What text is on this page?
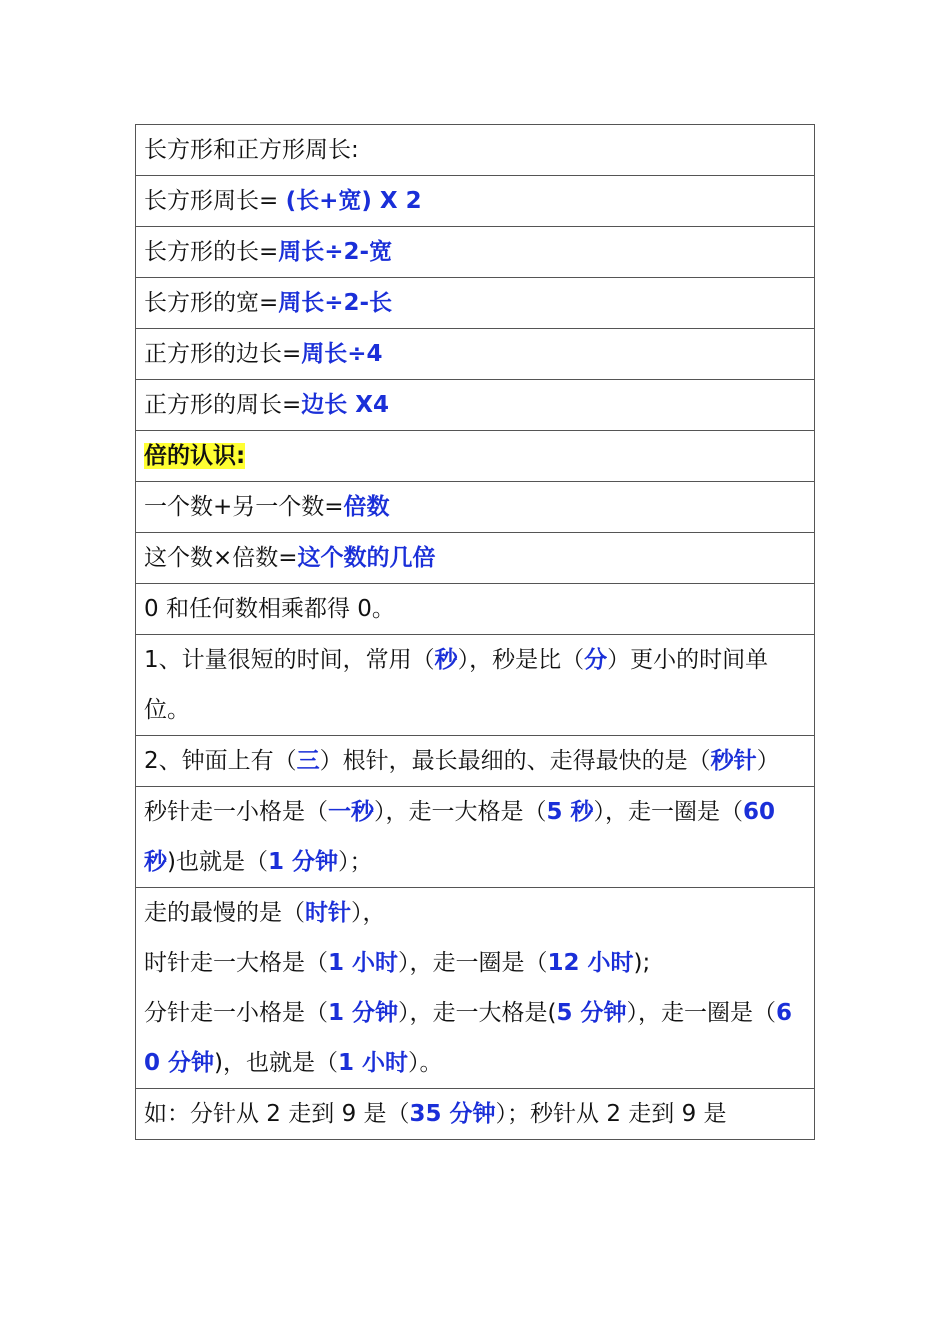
长方形和正方形周长:
长方形周长= (长+宽) X 2
长方形的长=周长÷2-宽
长方形的宽=周长÷2-长
正方形的边长=周长÷4
正方形的周长=边长 X4
倍的认识:
一个数+另一个数=倍数
这个数×倍数=这个数的几倍
0 和任何数相乘都得 0。
1、计量很短的时间，常用（秒），秒是比（分）更小的时间单位。
2、钟面上有（三）根针，最长最细的、走得最快的是（秒针）
秒针走一小格是（一秒），走一大格是（5 秒），走一圈是（60 秒)也就是（1 分钟）；
走的最慢的是（时针），
时针走一大格是（1 小时），走一圈是（12 小时);
分针走一小格是（1 分钟），走一大格是(5 分钟），走一圈是（60 分钟)，也就是（1 小时）。
如：分针从 2 走到 9 是（35 分钟）；秒针从 2 走到 9 是
